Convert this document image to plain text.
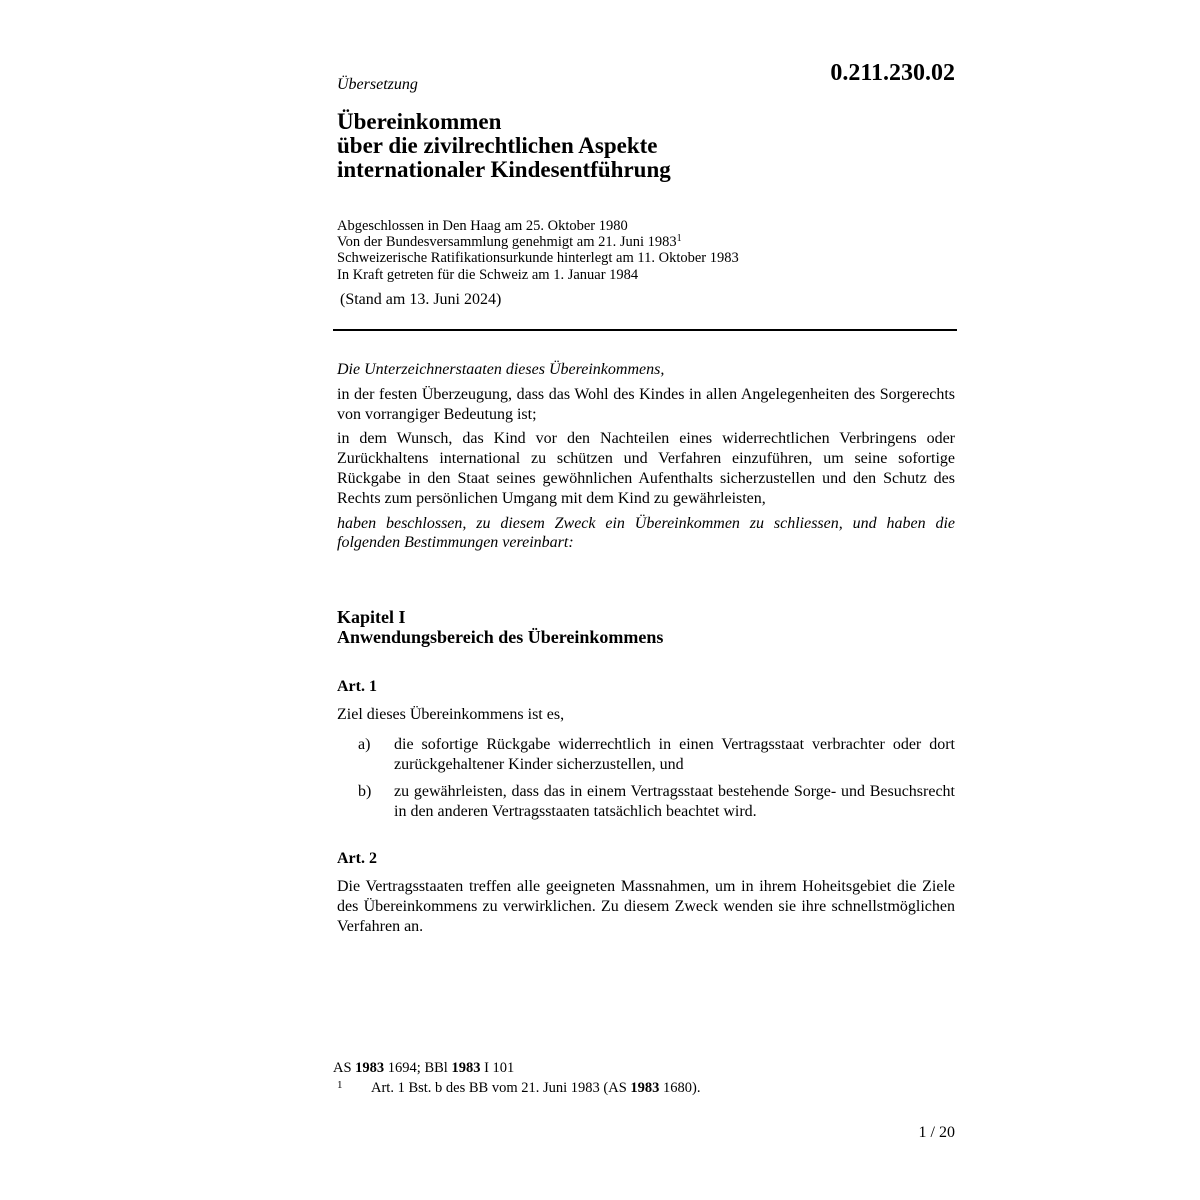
0.211.230.02
Übersetzung
Übereinkommen
über die zivilrechtlichen Aspekte
internationaler Kindesentführung
Abgeschlossen in Den Haag am 25. Oktober 1980
Von der Bundesversammlung genehmigt am 21. Juni 1983$^1$
Schweizerische Ratifikationsurkunde hinterlegt am 11. Oktober 1983
In Kraft getreten für die Schweiz am 1. Januar 1984
(Stand am 13. Juni 2024)

Die Unterzeichnerstaaten dieses Übereinkommens,

in der festen Überzeugung, dass das Wohl des Kindes in allen Angelegenheiten des Sorgerechts von vorrangiger Bedeutung ist;

in dem Wunsch, das Kind vor den Nachteilen eines widerrechtlichen Verbringens oder Zurückhaltens international zu schützen und Verfahren einzuführen, um seine sofortige Rückgabe in den Staat seines gewöhnlichen Aufenthalts sicherzustellen und den Schutz des Rechts zum persönlichen Umgang mit dem Kind zu gewährleisten,

haben beschlossen, zu diesem Zweck ein Übereinkommen zu schliessen, und haben die folgenden Bestimmungen vereinbart:

Kapitel I
Anwendungsbereich des Übereinkommens
Art. 1

Ziel dieses Übereinkommens ist es,

a) die sofortige Rückgabe widerrechtlich in einen Vertragsstaat verbrachter oder dort zurückgehaltener Kinder sicherzustellen, und
b) zu gewährleisten, dass das in einem Vertragsstaat bestehende Sorge- und Besuchsrecht in den anderen Vertragsstaaten tatsächlich beachtet wird.
Art. 2
Die Vertragsstaaten treffen alle geeigneten Massnahmen, um in ihrem Hoheitsgebiet die Ziele des Übereinkommens zu verwirklichen. Zu diesem Zweck wenden sie ihre schnellstmöglichen Verfahren an.
AS 1983 1694; BBl 1983 I 101
1 Art. 1 Bst. b des BB vom 21. Juni 1983 (AS 1983 1680).
1 / 20
